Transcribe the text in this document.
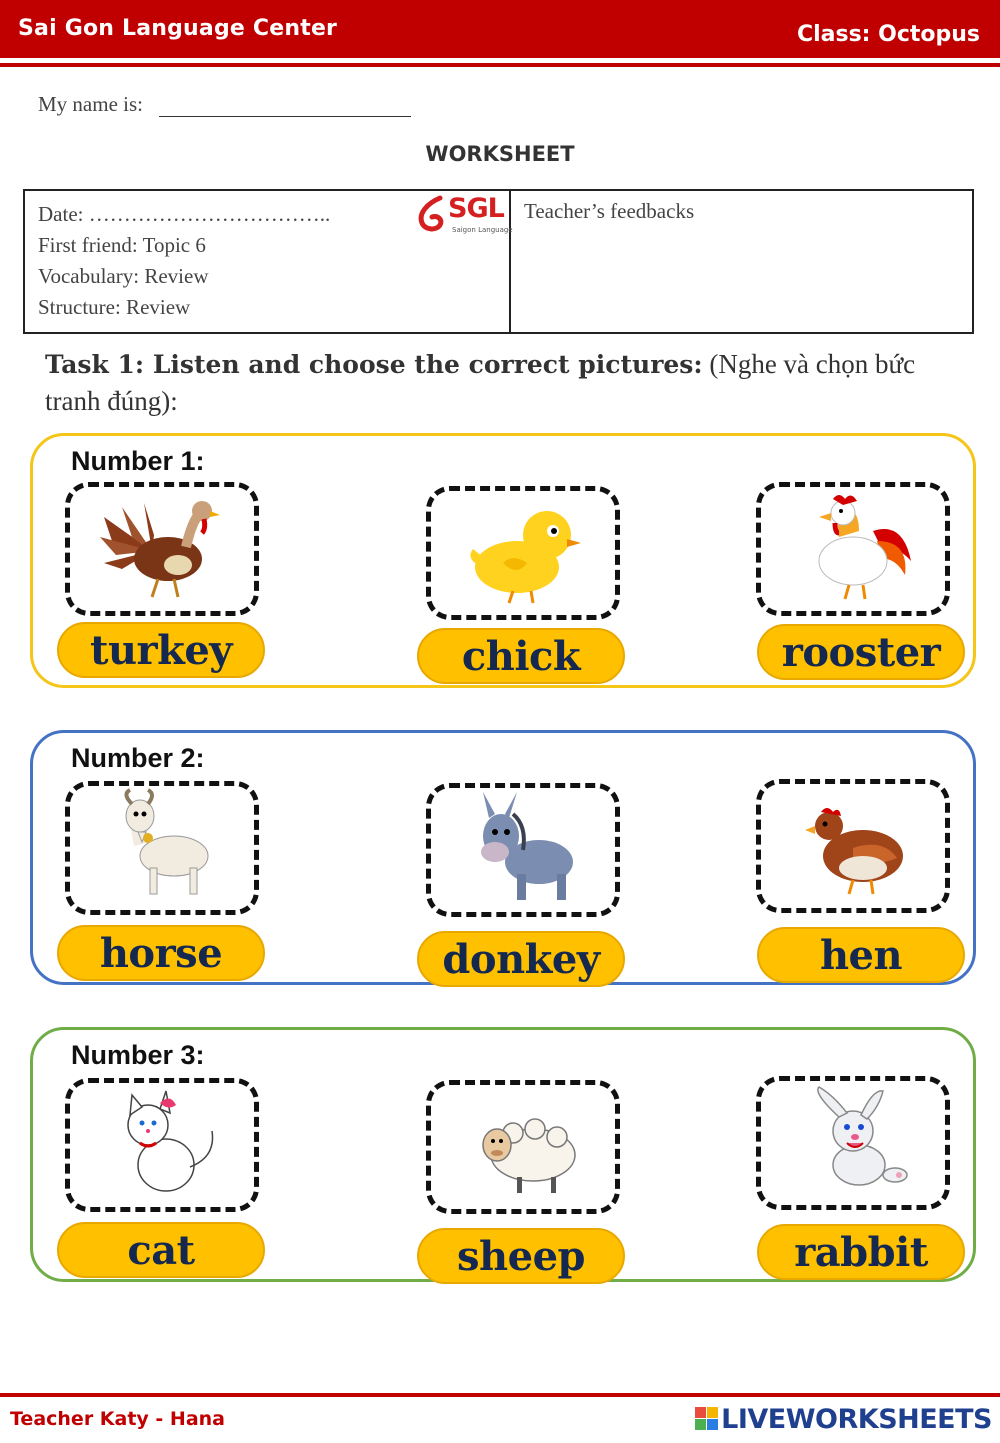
Sai Gon Language Center	Class: Octopus
My name is:
WORKSHEET
Date: ……………………………..
First friend: Topic 6
Vocabulary: Review
Structure: Review
SGL
Saigon Language
Teacher’s feedbacks
Task 1: Listen and choose the correct pictures: (Nghe và chọn bức tranh đúng):
Number 1:
turkey	chick	rooster
Number 2:
horse	donkey	hen
Number 3:
cat	sheep	rabbit
Teacher Katy - Hana	LIVEWORKSHEETS
